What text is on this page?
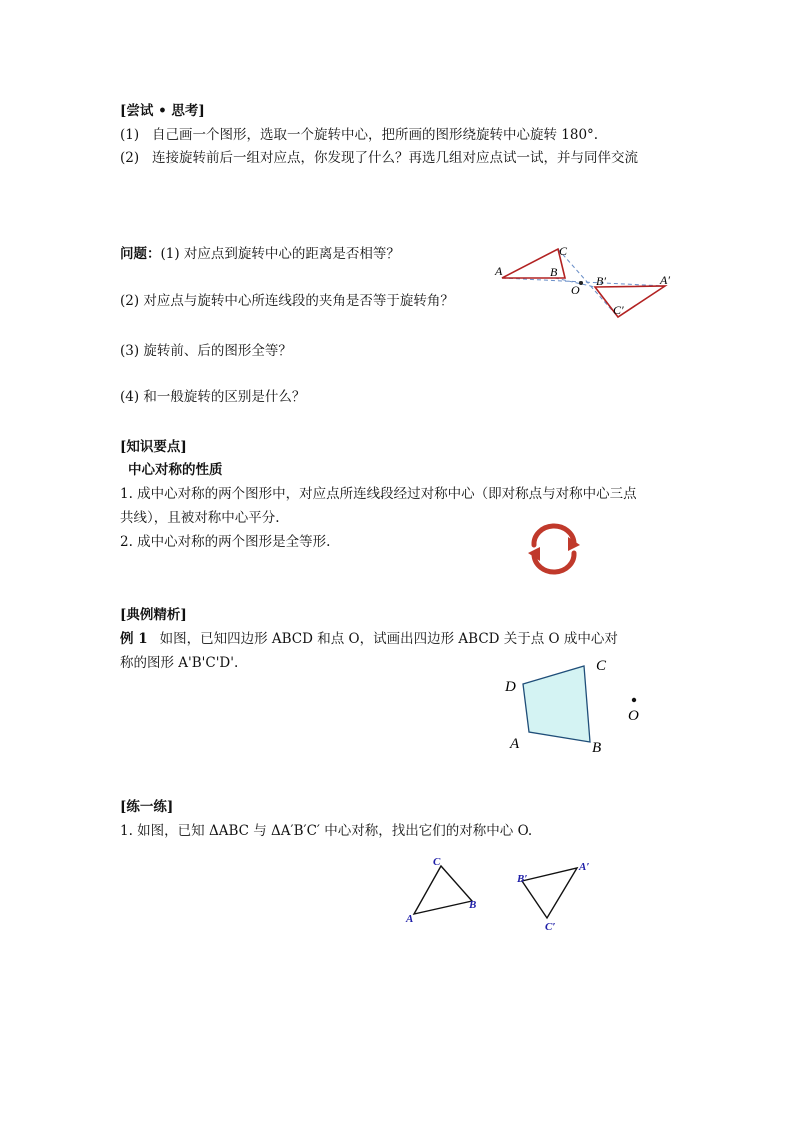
[尝试 • 思考]
(1) 自己画一个图形，选取一个旋转中心，把所画的图形绕旋转中心旋转 180°.
(2) 连接旋转前后一组对应点，你发现了什么？再选几组对应点试一试，并与同伴交流
问题：(1) 对应点到旋转中心的距离是否相等？
(2) 对应点与旋转中心所连线段的夹角是否等于旋转角？
(3) 旋转前、后的图形全等？
(4) 和一般旋转的区别是什么？
A	B
C
O
B′	A′
C′
[知识要点]
中心对称的性质
1. 成中心对称的两个图形中，对应点所连线段经过对称中心（即对称点与对称中心三点
共线），且被对称中心平分.
2. 成中心对称的两个图形是全等形.
[典例精析]
例 1 如图，已知四边形 ABCD 和点 O，试画出四边形 ABCD 关于点 O 成中心对
称的图形 A'B'C'D'.
D
C
A	B
O
[练一练]
1. 如图，已知 ΔABC 与 ΔA′B′C′ 中心对称，找出它们的对称中心 O.
A
C
B
B′
A′
C′
